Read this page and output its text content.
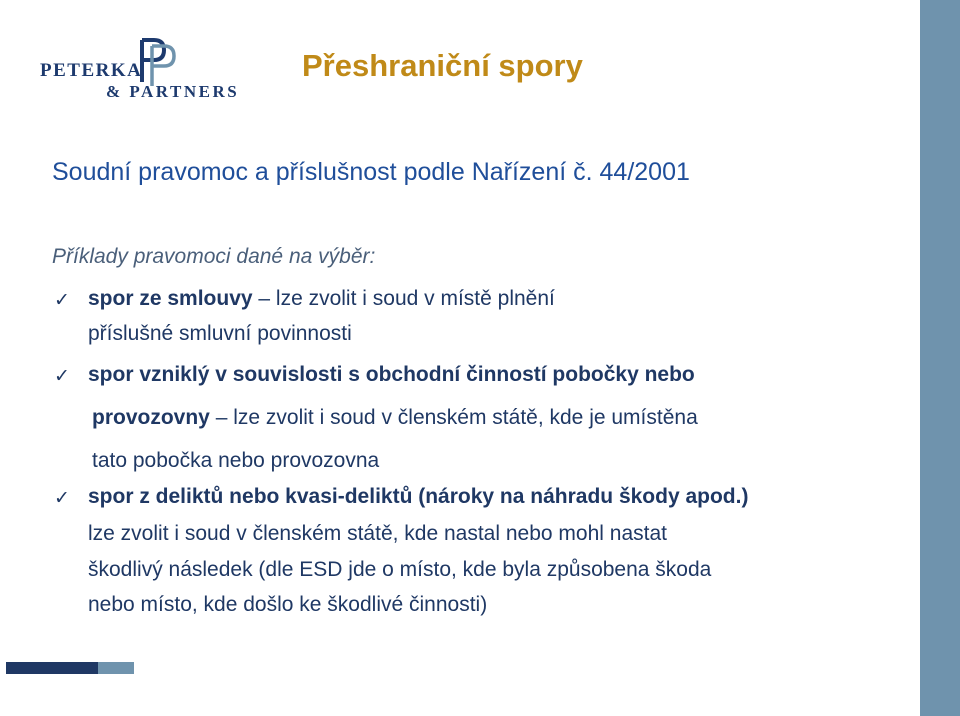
PETERKA
& PARTNERS
Přeshraniční spory
Soudní pravomoc a příslušnost podle Nařízení č. 44/2001
Příklady pravomoci dané na výběr:
✓ spor ze smlouvy – lze zvolit i soud v místě plnění
příslušné smluvní povinnosti
✓ spor vzniklý v souvislosti s obchodní činností pobočky nebo
provozovny – lze zvolit i soud v členském státě, kde je umístěna
tato pobočka nebo provozovna
✓ spor z deliktů nebo kvasi-deliktů (nároky na náhradu škody apod.)
lze zvolit i soud v členském státě, kde nastal nebo mohl nastat
škodlivý následek (dle ESD jde o místo, kde byla způsobena škoda
nebo místo, kde došlo ke škodlivé činnosti)
